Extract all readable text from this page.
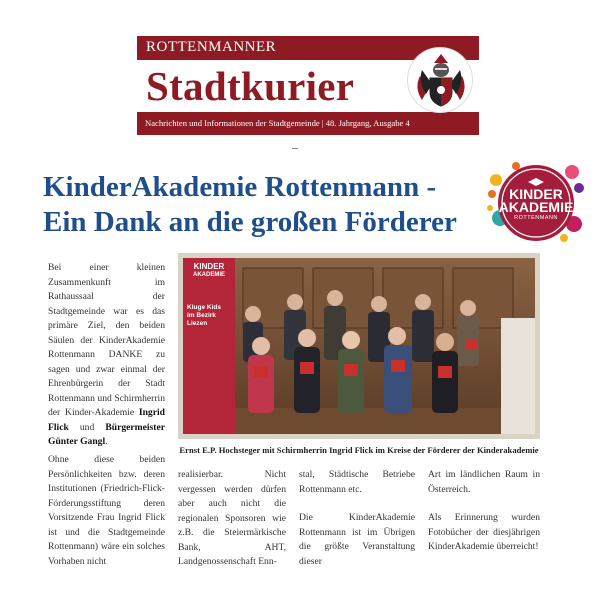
ROTTENMANNER
Stadtkurier
Nachrichten und Informationen der Stadtgemeinde | 48. Jahrgang, Ausgabe 4
KinderAkademie Rottenmann -
Ein Dank an die großen Förderer
KINDER
AKADEMIE
ROTTENMANN

Bei einer kleinen Zusammenkunft im Rathaussaal der Stadtgemeinde war es das primäre Ziel, den beiden Säulen der KinderAkademie Rottenmann DANKE zu sagen und zwar einmal der Ehrenbürgerin der Stadt Rottenmann und Schirmherrin der Kinder-Akademie Ingrid Flick und Bürgermeister Günter Gangl.

Ohne diese beiden Persönlichkeiten bzw. deren Institutionen (Friedrich-Flick-Förderungsstiftung deren Vorsitzende Frau Ingrid Flick ist und die Stadtgemeinde Rottenmann) wäre ein solches Vorhaben nicht

KINDER
AKADEMIE
Kluge Kids
im Bezirk
Liezen
Ernst E.P. Hochsteger mit Schirmherrin Ingrid Flick im Kreise der Förderer der Kinderakademie

realisierbar. Nicht vergessen werden dürfen aber auch nicht die regionalen Sponsoren wie z.B. die Steiermärkische Bank, AHT, Landgenossenschaft Enn-

stal, Städtische Betriebe Rottenmann etc.

Die KinderAkademie Rottenmann ist im Übrigen die größte Veranstaltung dieser

Art im ländlichen Raum in Österreich.

Als Erinnerung wurden Fotobücher der diesjährigen KinderAkademie überreicht!
